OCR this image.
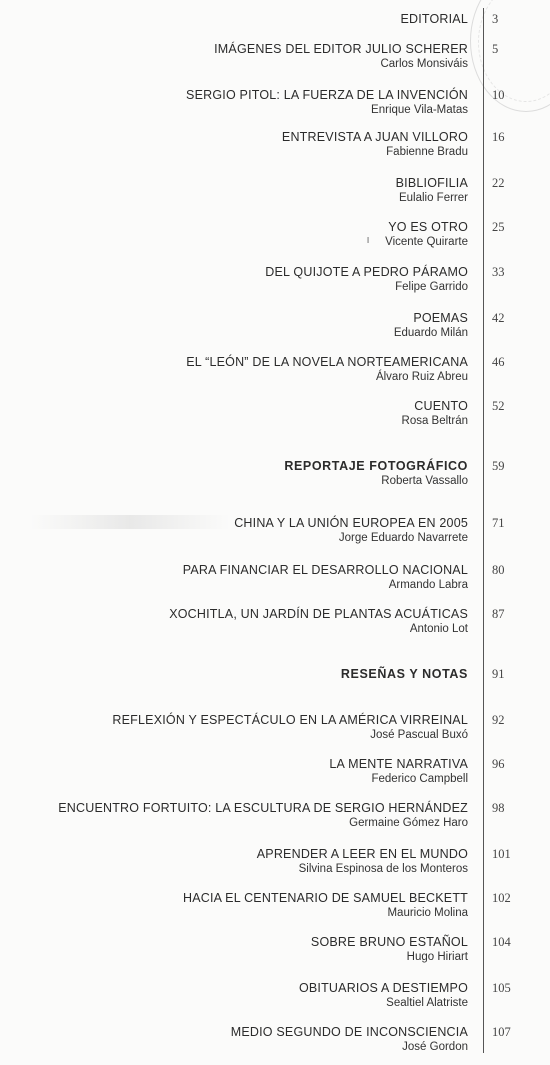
ǀ
EDITORIAL 3
IMÁGENES DEL EDITOR JULIO SCHERER
Carlos Monsiváis
5
SERGIO PITOL: LA FUERZA DE LA INVENCIÓN
Enrique Vila-Matas
10
ENTREVISTA A JUAN VILLORO
Fabienne Bradu
16
BIBLIOFILIA
Eulalio Ferrer
22
YO ES OTRO
Vicente Quirarte
25
DEL QUIJOTE A PEDRO PÁRAMO
Felipe Garrido
33
POEMAS
Eduardo Milán
42
EL “LEÓN” DE LA NOVELA NORTEAMERICANA
Álvaro Ruiz Abreu
46
CUENTO
Rosa Beltrán
52
REPORTAJE FOTOGRÁFICO
Roberta Vassallo
59
CHINA Y LA UNIÓN EUROPEA EN 2005
Jorge Eduardo Navarrete
71
PARA FINANCIAR EL DESARROLLO NACIONAL
Armando Labra
80
XOCHITLA, UN JARDÍN DE PLANTAS ACUÁTICAS
Antonio Lot
87
RESEÑAS Y NOTAS 91
REFLEXIÓN Y ESPECTÁCULO EN LA AMÉRICA VIRREINAL
José Pascual Buxó
92
LA MENTE NARRATIVA
Federico Campbell
96
ENCUENTRO FORTUITO: LA ESCULTURA DE SERGIO HERNÁNDEZ
Germaine Gómez Haro
98
APRENDER A LEER EN EL MUNDO
Silvina Espinosa de los Monteros
101
HACIA EL CENTENARIO DE SAMUEL BECKETT
Mauricio Molina
102
SOBRE BRUNO ESTAÑOL
Hugo Hiriart
104
OBITUARIOS A DESTIEMPO
Sealtiel Alatriste
105
MEDIO SEGUNDO DE INCONSCIENCIA
José Gordon
107
